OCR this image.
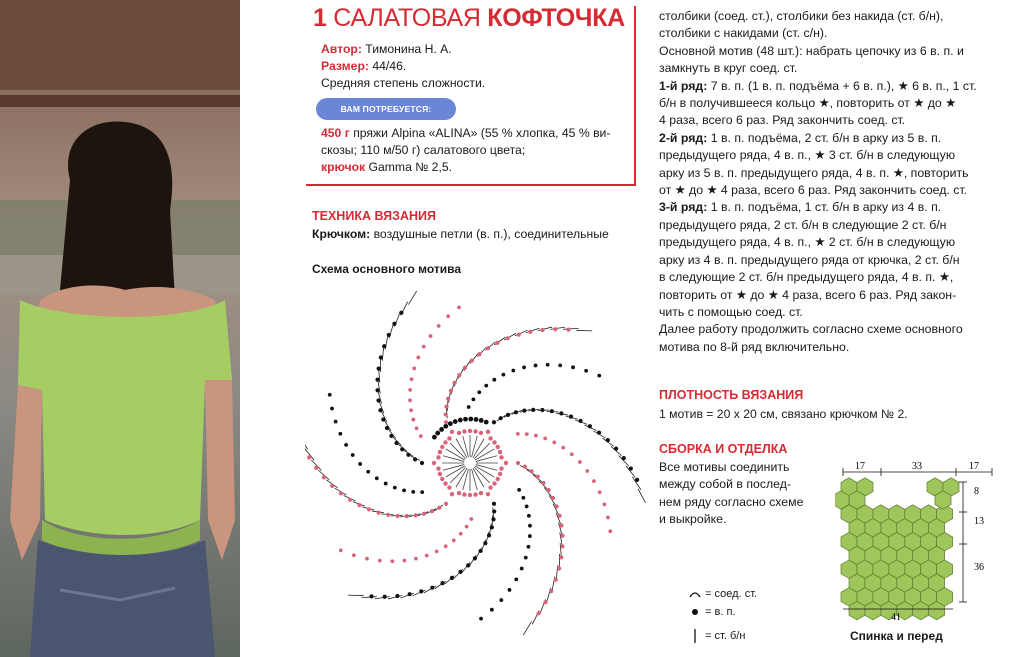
1 САЛАТОВАЯ КОФТОЧКА
Автор: Тимонина Н. А.
Размер: 44/46.
Средняя степень сложности.
ВАМ ПОТРЕБУЕТСЯ:
450 г пряжи Alpina «ALINA» (55 % хлопка, 45 % ви-
скозы; 110 м/50 г) салатового цвета;
крючок Gamma № 2,5.
ТЕХНИКА ВЯЗАНИЯ
Крючком: воздушные петли (в. п.), соединительные
Схема основного мотива
столбики (соед. ст.), столбики без накида (ст. б/н),
столбики с накидами (ст. с/н).
Основной мотив (48 шт.): набрать цепочку из 6 в. п. и
замкнуть в круг соед. ст.
1-й ряд: 7 в. п. (1 в. п. подъёма + 6 в. п.), ★ 6 в. п., 1 ст.
б/н в получившееся кольцо ★, повторить от ★ до ★
4 раза, всего 6 раз. Ряд закончить соед. ст.
2-й ряд: 1 в. п. подъёма, 2 ст. б/н в арку из 5 в. п.
предыдущего ряда, 4 в. п., ★ 3 ст. б/н в следующую
арку из 5 в. п. предыдущего ряда, 4 в. п. ★, повторить
от ★ до ★ 4 раза, всего 6 раз. Ряд закончить соед. ст.
3-й ряд: 1 в. п. подъёма, 1 ст. б/н в арку из 4 в. п.
предыдущего ряда, 2 ст. б/н в следующие 2 ст. б/н
предыдущего ряда, 4 в. п., ★ 2 ст. б/н в следующую
арку из 4 в. п. предыдущего ряда от крючка, 2 ст. б/н
в следующие 2 ст. б/н предыдущего ряда, 4 в. п. ★,
повторить от ★ до ★ 4 раза, всего 6 раз. Ряд закон-
чить с помощью соед. ст.
Далее работу продолжить согласно схеме основного
мотива по 8-й ряд включительно.
ПЛОТНОСТЬ ВЯЗАНИЯ
1 мотив = 20 х 20 см, связано крючком № 2.
СБОРКА И ОТДЕЛКА
Все мотивы соединить
между собой в послед-
нем ряду согласно схеме
и выкройке.
= соед. ст.
= в. п.
= ст. б/н
17	33	17
8
13
36
41
Спинка и перед
